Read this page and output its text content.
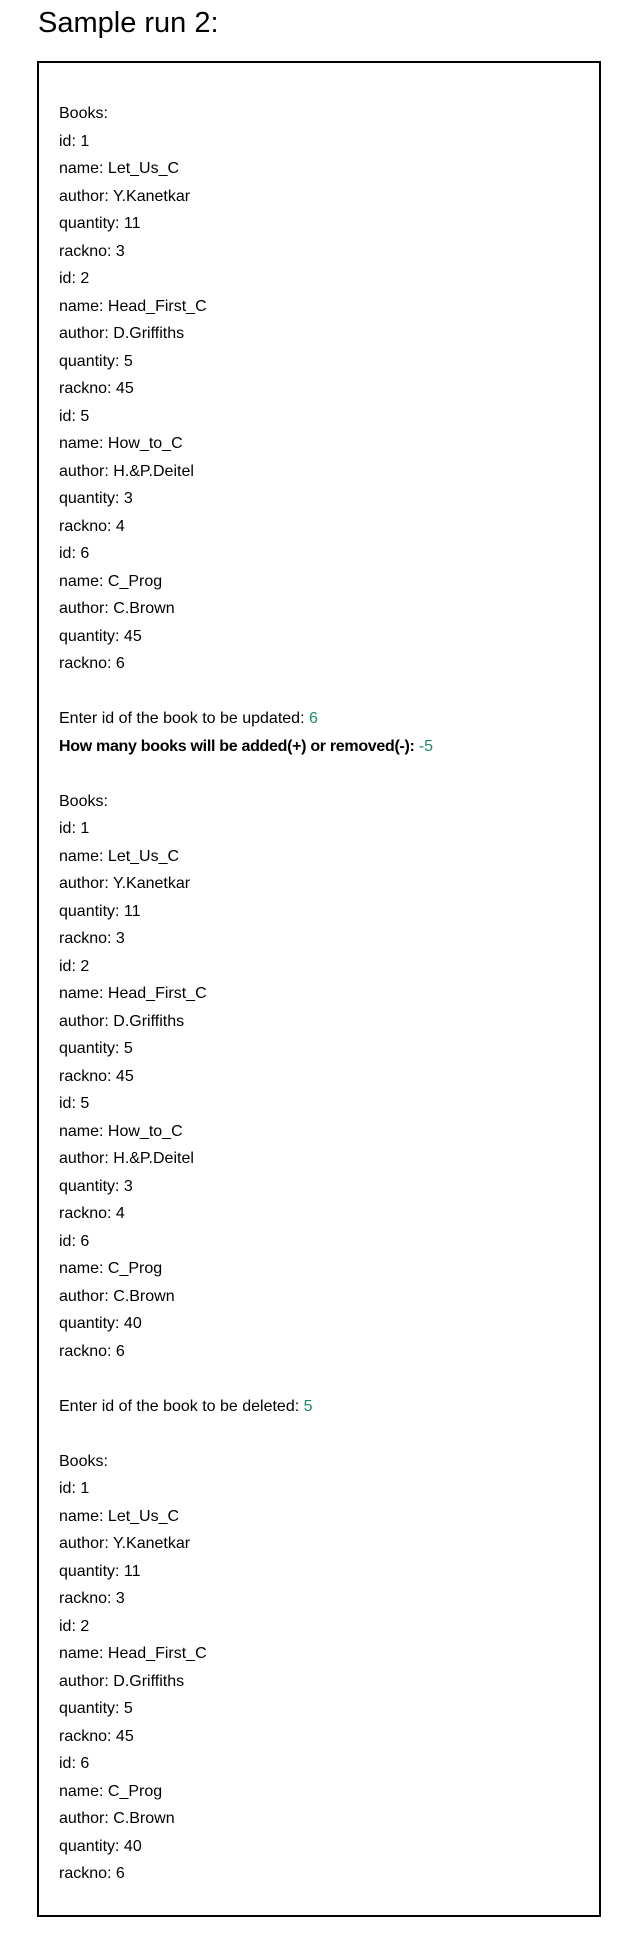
Sample run 2:
Books:
id: 1
name: Let_Us_C
author: Y.Kanetkar
quantity: 11
rackno: 3
id: 2
name: Head_First_C
author: D.Griffiths
quantity: 5
rackno: 45
id: 5
name: How_to_C
author: H.&P.Deitel
quantity: 3
rackno: 4
id: 6
name: C_Prog
author: C.Brown
quantity: 45
rackno: 6
Enter id of the book to be updated: 6
How many books will be added(+) or removed(-): -5
Books:
id: 1
name: Let_Us_C
author: Y.Kanetkar
quantity: 11
rackno: 3
id: 2
name: Head_First_C
author: D.Griffiths
quantity: 5
rackno: 45
id: 5
name: How_to_C
author: H.&P.Deitel
quantity: 3
rackno: 4
id: 6
name: C_Prog
author: C.Brown
quantity: 40
rackno: 6
Enter id of the book to be deleted: 5
Books:
id: 1
name: Let_Us_C
author: Y.Kanetkar
quantity: 11
rackno: 3
id: 2
name: Head_First_C
author: D.Griffiths
quantity: 5
rackno: 45
id: 6
name: C_Prog
author: C.Brown
quantity: 40
rackno: 6
